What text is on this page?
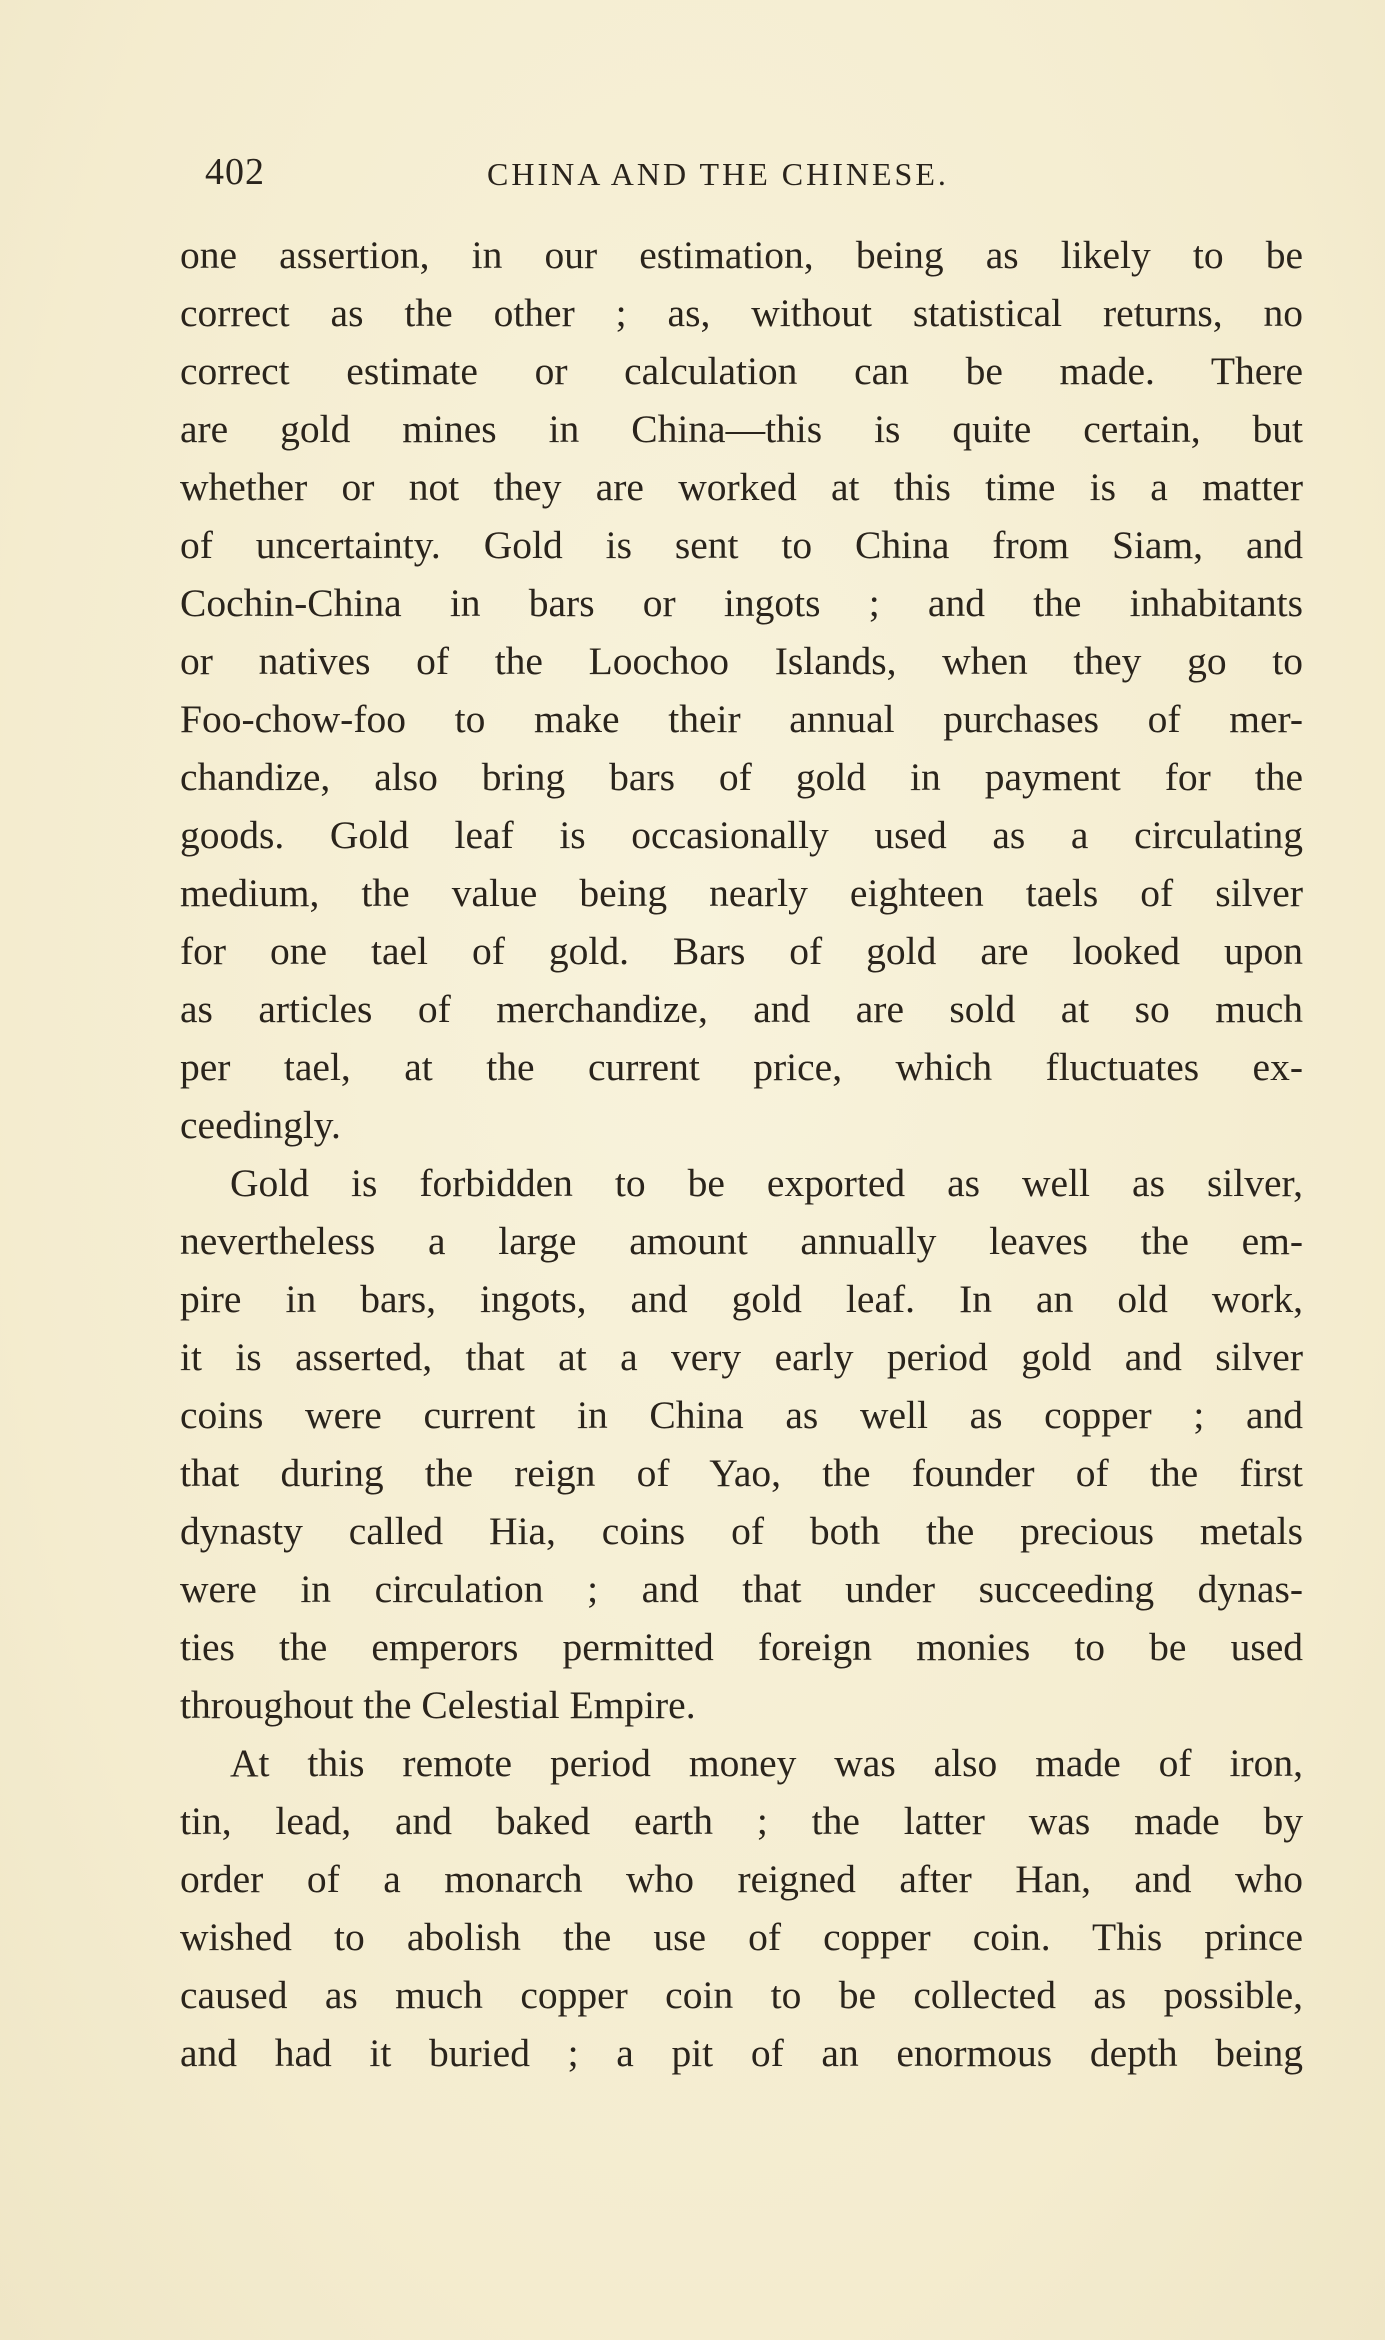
402	CHINA AND THE CHINESE.
one assertion, in our estimation, being as likely to be
correct as the other ; as, without statistical returns, no
correct estimate or calculation can be made. There
are gold mines in China—this is quite certain, but
whether or not they are worked at this time is a matter
of uncertainty. Gold is sent to China from Siam, and
Cochin-China in bars or ingots ; and the inhabitants
or natives of the Loochoo Islands, when they go to
Foo-chow-foo to make their annual purchases of mer-
chandize, also bring bars of gold in payment for the
goods. Gold leaf is occasionally used as a circulating
medium, the value being nearly eighteen taels of silver
for one tael of gold. Bars of gold are looked upon
as articles of merchandize, and are sold at so much
per tael, at the current price, which fluctuates ex-
ceedingly.
Gold is forbidden to be exported as well as silver,
nevertheless a large amount annually leaves the em-
pire in bars, ingots, and gold leaf. In an old work,
it is asserted, that at a very early period gold and silver
coins were current in China as well as copper ; and
that during the reign of Yao, the founder of the first
dynasty called Hia, coins of both the precious metals
were in circulation ; and that under succeeding dynas-
ties the emperors permitted foreign monies to be used
throughout the Celestial Empire.
At this remote period money was also made of iron,
tin, lead, and baked earth ; the latter was made by
order of a monarch who reigned after Han, and who
wished to abolish the use of copper coin. This prince
caused as much copper coin to be collected as possible,
and had it buried ; a pit of an enormous depth being
